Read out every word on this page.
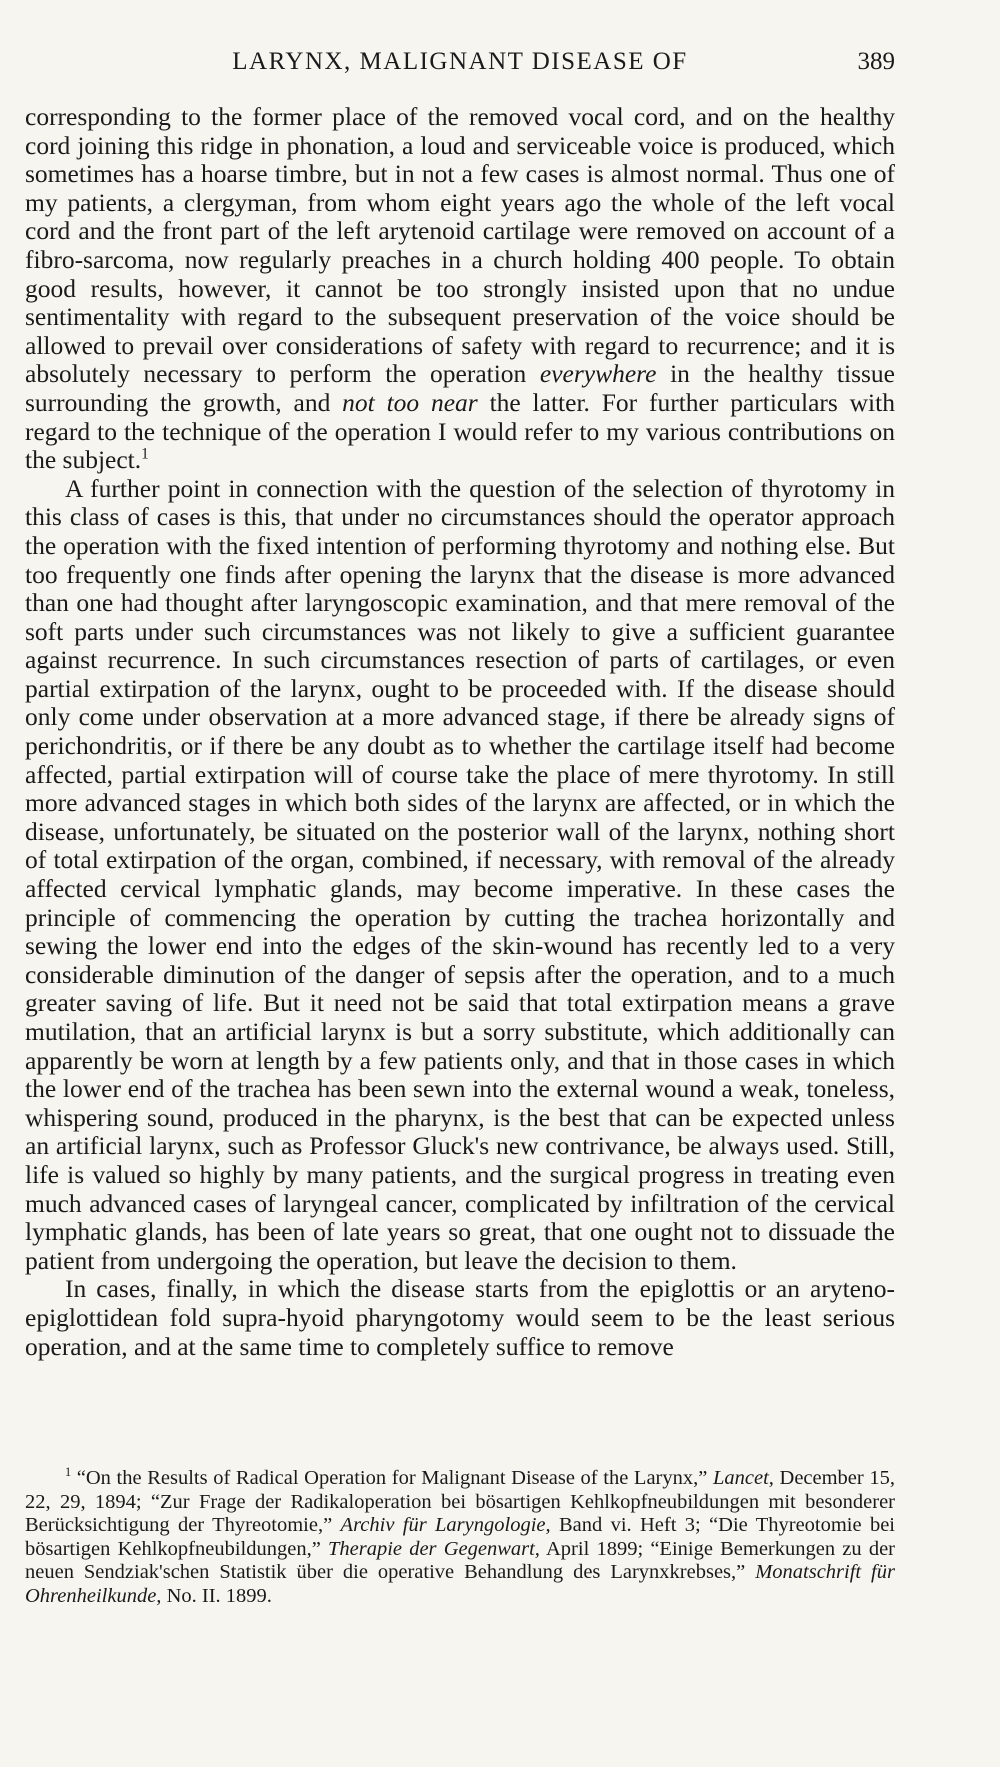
LARYNX, MALIGNANT DISEASE OF	389

corresponding to the former place of the removed vocal cord, and on the healthy cord joining this ridge in phonation, a loud and serviceable voice is produced, which sometimes has a hoarse timbre, but in not a few cases is almost normal. Thus one of my patients, a clergyman, from whom eight years ago the whole of the left vocal cord and the front part of the left arytenoid cartilage were removed on account of a fibro-sarcoma, now regularly preaches in a church holding 400 people. To obtain good results, however, it cannot be too strongly insisted upon that no undue sentimentality with regard to the subsequent preservation of the voice should be allowed to prevail over considerations of safety with regard to recurrence; and it is absolutely necessary to perform the operation everywhere in the healthy tissue surrounding the growth, and not too near the latter. For further particulars with regard to the technique of the operation I would refer to my various contributions on the subject.$^1$

A further point in connection with the question of the selection of thyrotomy in this class of cases is this, that under no circumstances should the operator approach the operation with the fixed intention of performing thyrotomy and nothing else. But too frequently one finds after opening the larynx that the disease is more advanced than one had thought after laryngoscopic examination, and that mere removal of the soft parts under such circumstances was not likely to give a sufficient guarantee against recurrence. In such circumstances resection of parts of cartilages, or even partial extirpation of the larynx, ought to be proceeded with. If the disease should only come under observation at a more advanced stage, if there be already signs of perichondritis, or if there be any doubt as to whether the cartilage itself had become affected, partial extirpation will of course take the place of mere thyrotomy. In still more advanced stages in which both sides of the larynx are affected, or in which the disease, unfortunately, be situated on the posterior wall of the larynx, nothing short of total extirpation of the organ, combined, if necessary, with removal of the already affected cervical lymphatic glands, may become imperative. In these cases the principle of commencing the operation by cutting the trachea horizontally and sewing the lower end into the edges of the skin-wound has recently led to a very considerable diminution of the danger of sepsis after the operation, and to a much greater saving of life. But it need not be said that total extirpation means a grave mutilation, that an artificial larynx is but a sorry substitute, which additionally can apparently be worn at length by a few patients only, and that in those cases in which the lower end of the trachea has been sewn into the external wound a weak, toneless, whispering sound, produced in the pharynx, is the best that can be expected unless an artificial larynx, such as Professor Gluck's new contrivance, be always used. Still, life is valued so highly by many patients, and the surgical progress in treating even much advanced cases of laryngeal cancer, complicated by infiltration of the cervical lymphatic glands, has been of late years so great, that one ought not to dissuade the patient from undergoing the operation, but leave the decision to them.

In cases, finally, in which the disease starts from the epiglottis or an aryteno-epiglottidean fold supra-hyoid pharyngotomy would seem to be the least serious operation, and at the same time to completely suffice to remove

$^1$ “On the Results of Radical Operation for Malignant Disease of the Larynx,” Lancet, December 15, 22, 29, 1894; “Zur Frage der Radikaloperation bei bösartigen Kehlkopfneubildungen mit besonderer Berücksichtigung der Thyreotomie,” Archiv für Laryngologie, Band vi. Heft 3; “Die Thyreotomie bei bösartigen Kehlkopfneubildungen,” Therapie der Gegenwart, April 1899; “Einige Bemerkungen zu der neuen Sendziak'schen Statistik über die operative Behandlung des Larynxkrebses,” Monatschrift für Ohrenheilkunde, No. II. 1899.
